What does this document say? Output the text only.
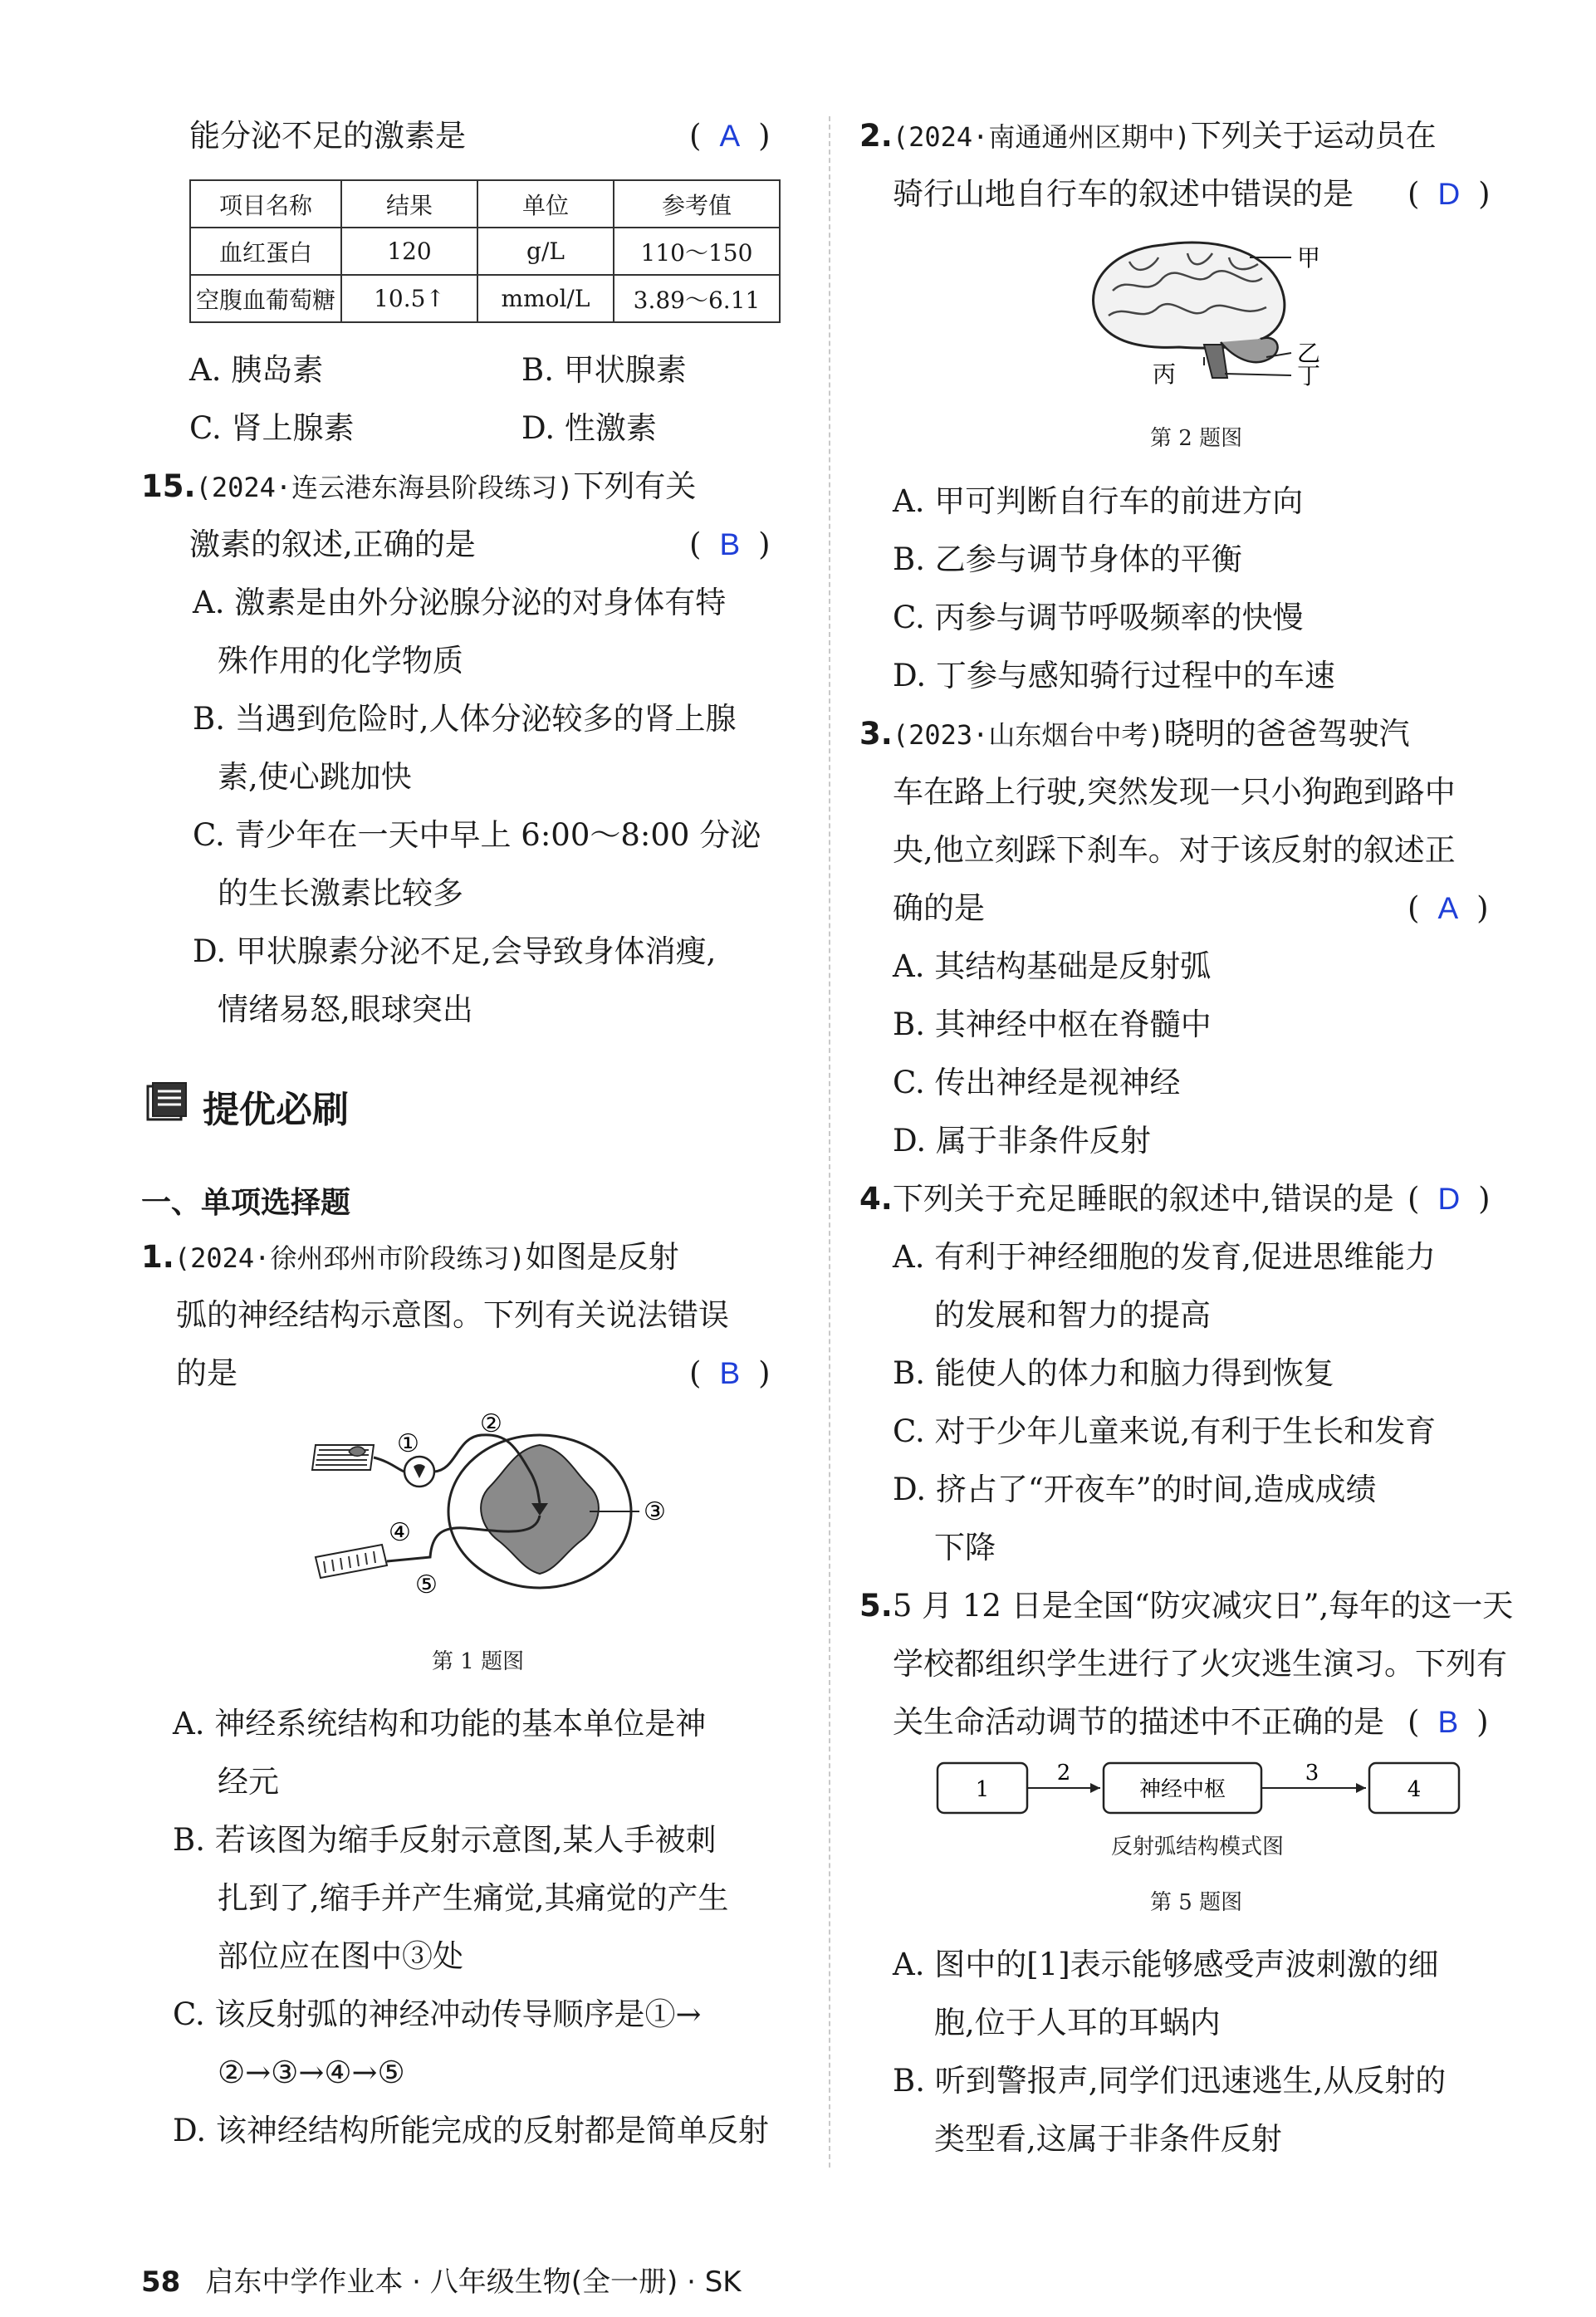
能分泌不足的激素是	( A )
项目名称	结果	单位	参考值
血红蛋白	120	g/L	110～150
空腹血葡萄糖	10.5↑	mmol/L	3.89～6.11
A. 胰岛素	B. 甲状腺素
C. 肾上腺素	D. 性激素
15.(2024·连云港东海县阶段练习)下列有关
激素的叙述,正确的是	( B )
A. 激素是由外分泌腺分泌的对身体有特
殊作用的化学物质
B. 当遇到危险时,人体分泌较多的肾上腺
素,使心跳加快
C. 青少年在一天中早上 6:00～8:00 分泌
的生长激素比较多
D. 甲状腺素分泌不足,会导致身体消瘦,
情绪易怒,眼球突出
提优必刷
一、单项选择题
1.(2024·徐州邳州市阶段练习)如图是反射
弧的神经结构示意图。下列有关说法错误
的是	( B )
①
②
③
④
⑤
第 1 题图
A. 神经系统结构和功能的基本单位是神
经元
B. 若该图为缩手反射示意图,某人手被刺
扎到了,缩手并产生痛觉,其痛觉的产生
部位应在图中③处
C. 该反射弧的神经冲动传导顺序是①→
②→③→④→⑤
D. 该神经结构所能完成的反射都是简单反射
2.(2024·南通通州区期中)下列关于运动员在
骑行山地自行车的叙述中错误的是 ( D )
甲
乙
丙	丁
第 2 题图
A. 甲可判断自行车的前进方向
B. 乙参与调节身体的平衡
C. 丙参与调节呼吸频率的快慢
D. 丁参与感知骑行过程中的车速
3.(2023·山东烟台中考)晓明的爸爸驾驶汽
车在路上行驶,突然发现一只小狗跑到路中
央,他立刻踩下刹车。对于该反射的叙述正
确的是	( A )
A. 其结构基础是反射弧
B. 其神经中枢在脊髓中
C. 传出神经是视神经
D. 属于非条件反射
4.下列关于充足睡眠的叙述中,错误的是 ( D )
A. 有利于神经细胞的发育,促进思维能力
的发展和智力的提高
B. 能使人的体力和脑力得到恢复
C. 对于少年儿童来说,有利于生长和发育
D. 挤占了“开夜车”的时间,造成成绩
下降
5.5 月 12 日是全国“防灾减灾日”,每年的这一天
学校都组织学生进行了火灾逃生演习。下列有
关生命活动调节的描述中不正确的是 ( B )
1
2
神经中枢
3
4
反射弧结构模式图
第 5 题图
A. 图中的[1]表示能够感受声波刺激的细
胞,位于人耳的耳蜗内
B. 听到警报声,同学们迅速逃生,从反射的
类型看,这属于非条件反射
58 启东中学作业本 · 八年级生物(全一册) · SK
